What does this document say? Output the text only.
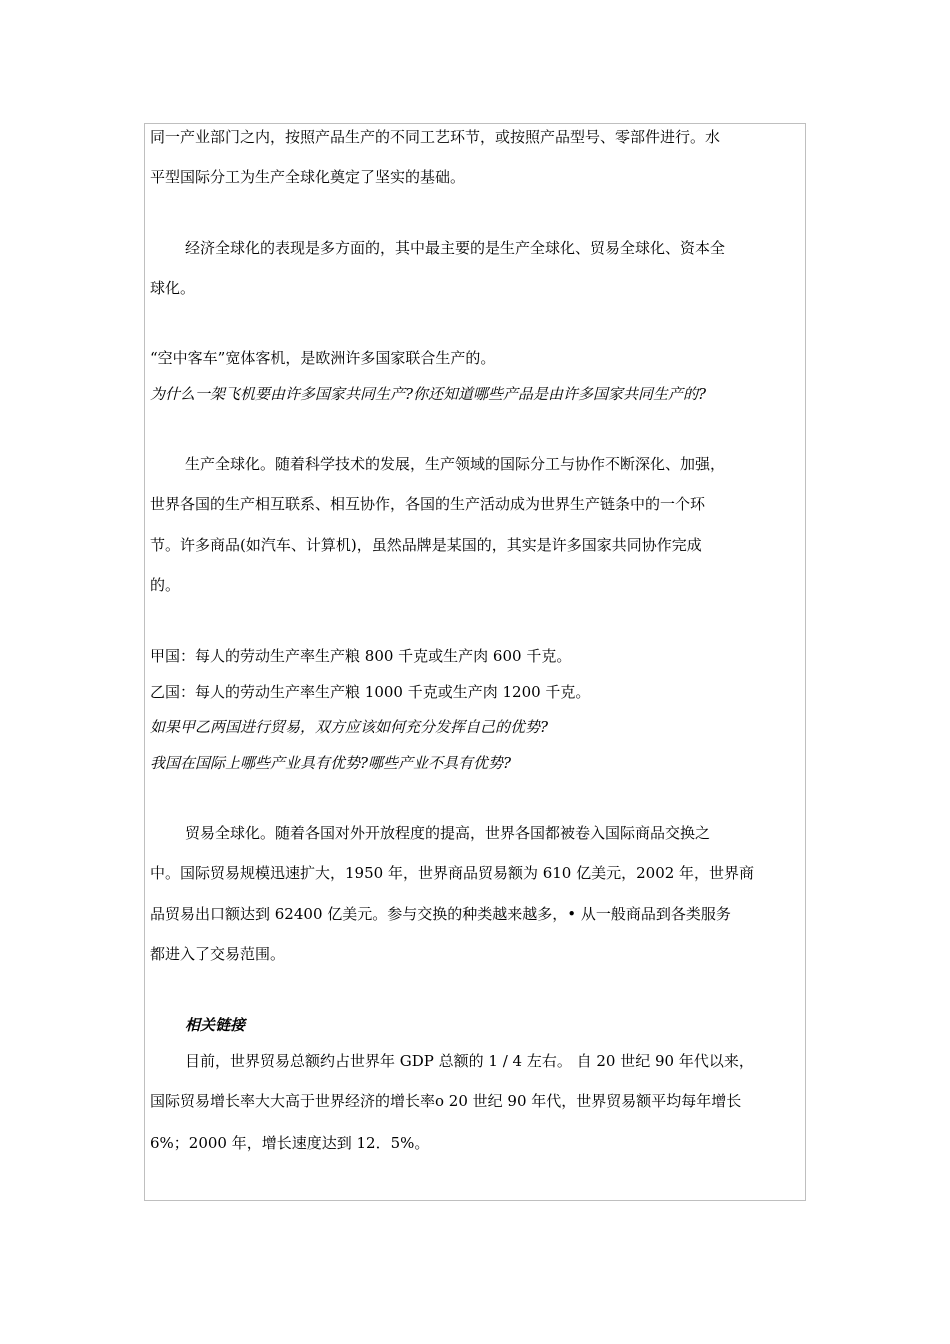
同一产业部门之内，按照产品生产的不同工艺环节，或按照产品型号、零部件进行。水
平型国际分工为生产全球化奠定了坚实的基础。
经济全球化的表现是多方面的，其中最主要的是生产全球化、贸易全球化、资本全
球化。
“空中客车”宽体客机，是欧洲许多国家联合生产的。
为什么一架飞机要由许多国家共同生产?你还知道哪些产品是由许多国家共同生产的?
生产全球化。随着科学技术的发展，生产领域的国际分工与协作不断深化、加强，
世界各国的生产相互联系、相互协作，各国的生产活动成为世界生产链条中的一个环
节。许多商品(如汽车、计算机)，虽然品牌是某国的，其实是许多国家共同协作完成
的。
甲国：每人的劳动生产率生产粮 800 千克或生产肉 600 千克。
乙国：每人的劳动生产率生产粮 1000 千克或生产肉 1200 千克。
如果甲乙两国进行贸易，双方应该如何充分发挥自己的优势?
我国在国际上哪些产业具有优势?哪些产业不具有优势?
贸易全球化。随着各国对外开放程度的提高，世界各国都被卷入国际商品交换之
中。国际贸易规模迅速扩大，1950 年，世界商品贸易额为 610 亿美元，2002 年，世界商
品贸易出口额达到 62400 亿美元。参与交换的种类越来越多，• 从一般商品到各类服务
都进入了交易范围。
相关链接
目前，世界贸易总额约占世界年 GDP 总额的 1 / 4 左右。 自 20 世纪 90 年代以来，
国际贸易增长率大大高于世界经济的增长率o 20 世纪 90 年代，世界贸易额平均每年增长
6%；2000 年，增长速度达到 12．5%。
